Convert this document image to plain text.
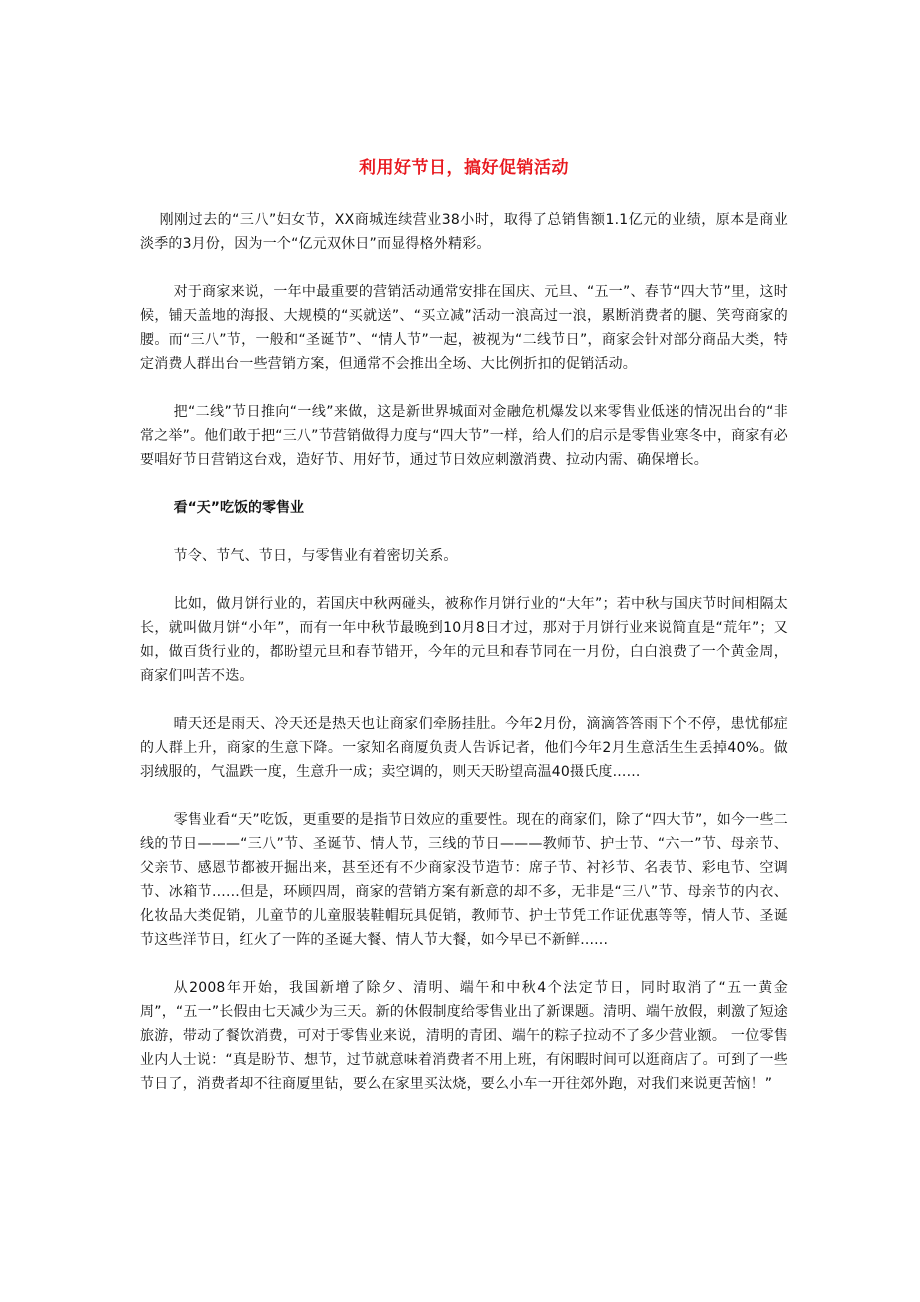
利用好节日，搞好促销活动

刚刚过去的“三八”妇女节，XX商城连续营业38小时，取得了总销售额1.1亿元的业绩，原本是商业淡季的3月份，因为一个“亿元双休日”而显得格外精彩。

对于商家来说，一年中最重要的营销活动通常安排在国庆、元旦、“五一”、春节“四大节”里，这时候，铺天盖地的海报、大规模的“买就送”、“买立减”活动一浪高过一浪，累断消费者的腿、笑弯商家的腰。而“三八”节，一般和“圣诞节”、“情人节”一起，被视为“二线节日”，商家会针对部分商品大类，特定消费人群出台一些营销方案，但通常不会推出全场、大比例折扣的促销活动。

把“二线”节日推向“一线”来做，这是新世界城面对金融危机爆发以来零售业低迷的情况出台的“非常之举”。他们敢于把“三八”节营销做得力度与“四大节”一样，给人们的启示是零售业寒冬中，商家有必要唱好节日营销这台戏，造好节、用好节，通过节日效应刺激消费、拉动内需、确保增长。

看“天”吃饭的零售业

节令、节气、节日，与零售业有着密切关系。

比如，做月饼行业的，若国庆中秋两碰头，被称作月饼行业的“大年”；若中秋与国庆节时间相隔太长，就叫做月饼“小年”，而有一年中秋节最晚到10月8日才过，那对于月饼行业来说简直是“荒年”；又如，做百货行业的，都盼望元旦和春节错开，今年的元旦和春节同在一月份，白白浪费了一个黄金周，商家们叫苦不迭。

晴天还是雨天、冷天还是热天也让商家们牵肠挂肚。今年2月份，滴滴答答雨下个不停，患忧郁症的人群上升，商家的生意下降。一家知名商厦负责人告诉记者，他们今年2月生意活生生丢掉40%。做羽绒服的，气温跌一度，生意升一成；卖空调的，则天天盼望高温40摄氏度......

零售业看“天”吃饭，更重要的是指节日效应的重要性。现在的商家们，除了“四大节”，如今一些二线的节日———“三八”节、圣诞节、情人节，三线的节日———教师节、护士节、“六一”节、母亲节、父亲节、感恩节都被开掘出来，甚至还有不少商家没节造节：席子节、衬衫节、名表节、彩电节、空调节、冰箱节......但是，环顾四周，商家的营销方案有新意的却不多，无非是“三八”节、母亲节的内衣、化妆品大类促销，儿童节的儿童服装鞋帽玩具促销，教师节、护士节凭工作证优惠等等，情人节、圣诞节这些洋节日，红火了一阵的圣诞大餐、情人节大餐，如今早已不新鲜......

从2008年开始，我国新增了除夕、清明、端午和中秋4个法定节日，同时取消了“五一黄金周”，“五一”长假由七天减少为三天。新的休假制度给零售业出了新课题。清明、端午放假，刺激了短途旅游，带动了餐饮消费，可对于零售业来说，清明的青团、端午的粽子拉动不了多少营业额。 一位零售业内人士说：“真是盼节、想节，过节就意味着消费者不用上班，有闲暇时间可以逛商店了。可到了一些节日了，消费者却不往商厦里钻，要么在家里买汰烧，要么小车一开往郊外跑，对我们来说更苦恼！”
